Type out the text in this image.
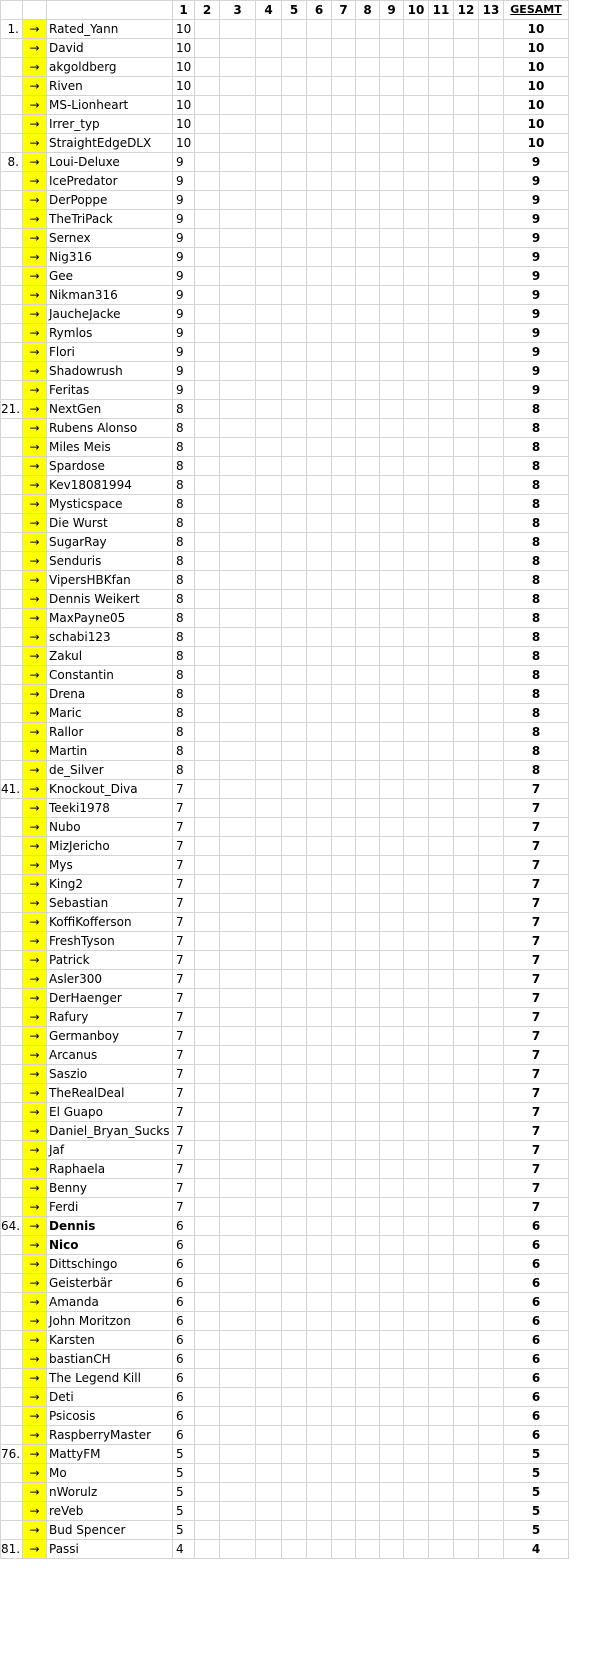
			1	2	3	4	5	6	7	8	9	10	11	12	13	GESAMT
1.	→	Rated_Yann	10													10
	→	David	10													10
	→	akgoldberg	10													10
	→	Riven	10													10
	→	MS-Lionheart	10													10
	→	Irrer_typ	10													10
	→	StraightEdgeDLX	10													10
8.	→	Loui-Deluxe	9													9
	→	IcePredator	9													9
	→	DerPoppe	9													9
	→	TheTriPack	9													9
	→	Sernex	9													9
	→	Nig316	9													9
	→	Gee	9													9
	→	Nikman316	9													9
	→	JaucheJacke	9													9
	→	Rymlos	9													9
	→	Flori	9													9
	→	Shadowrush	9													9
	→	Feritas	9													9
21.	→	NextGen	8													8
	→	Rubens Alonso	8													8
	→	Miles Meis	8													8
	→	Spardose	8													8
	→	Kev18081994	8													8
	→	Mysticspace	8													8
	→	Die Wurst	8													8
	→	SugarRay	8													8
	→	Senduris	8													8
	→	VipersHBKfan	8													8
	→	Dennis Weikert	8													8
	→	MaxPayne05	8													8
	→	schabi123	8													8
	→	Zakul	8													8
	→	Constantin	8													8
	→	Drena	8													8
	→	Maric	8													8
	→	Rallor	8													8
	→	Martin	8													8
	→	de_Silver	8													8
41.	→	Knockout_Diva	7													7
	→	Teeki1978	7													7
	→	Nubo	7													7
	→	MizJericho	7													7
	→	Mys	7													7
	→	King2	7													7
	→	Sebastian	7													7
	→	KoffiKofferson	7													7
	→	FreshTyson	7													7
	→	Patrick	7													7
	→	Asler300	7													7
	→	DerHaenger	7													7
	→	Rafury	7													7
	→	Germanboy	7													7
	→	Arcanus	7													7
	→	Saszio	7													7
	→	TheRealDeal	7													7
	→	El Guapo	7													7
	→	Daniel_Bryan_Sucks	7													7
	→	Jaf	7													7
	→	Raphaela	7													7
	→	Benny	7													7
	→	Ferdi	7													7
64.	→	Dennis	6													6
	→	Nico	6													6
	→	Dittschingo	6													6
	→	Geisterbär	6													6
	→	Amanda	6													6
	→	John Moritzon	6													6
	→	Karsten	6													6
	→	bastianCH	6													6
	→	The Legend Kill	6													6
	→	Deti	6													6
	→	Psicosis	6													6
	→	RaspberryMaster	6													6
76.	→	MattyFM	5													5
	→	Mo	5													5
	→	nWorulz	5													5
	→	reVeb	5													5
	→	Bud Spencer	5													5
81.	→	Passi	4													4
